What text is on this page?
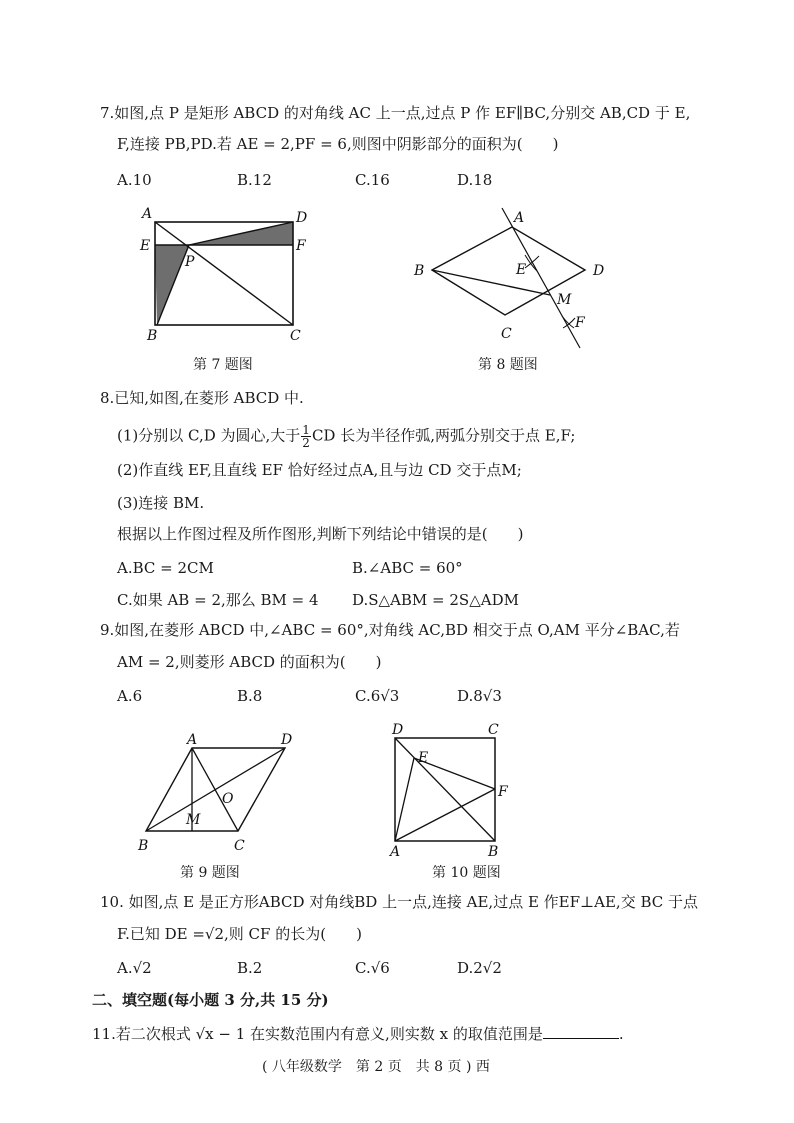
7.如图,点 P 是矩形 ABCD 的对角线 AC 上一点,过点 P 作 EF∥BC,分别交 AB,CD 于 E,
F,连接 PB,PD.若 AE = 2,PF = 6,则图中阴影部分的面积为(　　)
A.10	B.12	C.16	D.18
A	D
E	F
P
B	C
第 7 题图
A
B
C
D
E
M
F
第 8 题图
8.已知,如图,在菱形 ABCD 中.
(1)分别以 C,D 为圆心,大于 $\frac{1}{2}$ CD 长为半径作弧,两弧分别交于点 E,F;
(2)作直线 EF,且直线 EF 恰好经过点A,且与边 CD 交于点M;
(3)连接 BM.
根据以上作图过程及所作图形,判断下列结论中错误的是(　　)
A.BC = 2CM	B.∠ABC = 60°
C.如果 AB = 2,那么 BM = 4 D.S△ABM = 2S△ADM
9.如图,在菱形 ABCD 中,∠ABC = 60°,对角线 AC,BD 相交于点 O,AM 平分∠BAC,若
AM = 2,则菱形 ABCD 的面积为(　　)
A.6	B.8	C.6√3	D.8√3
A	D
O
M
B	C
第 9 题图
D	C
E
F
A	B
第 10 题图
10. 如图,点 E 是正方形ABCD 对角线BD 上一点,连接 AE,过点 E 作EF⊥AE,交 BC 于点
F.已知 DE =√2,则 CF 的长为(　　)
A.√2	B.2	C.√6	D.2√2
二、填空题(每小题 3 分,共 15 分)
11.若二次根式 √x − 1 在实数范围内有意义,则实数 x 的取值范围是	.
( 八年级数学　第 2 页　共 8 页 ) 西
